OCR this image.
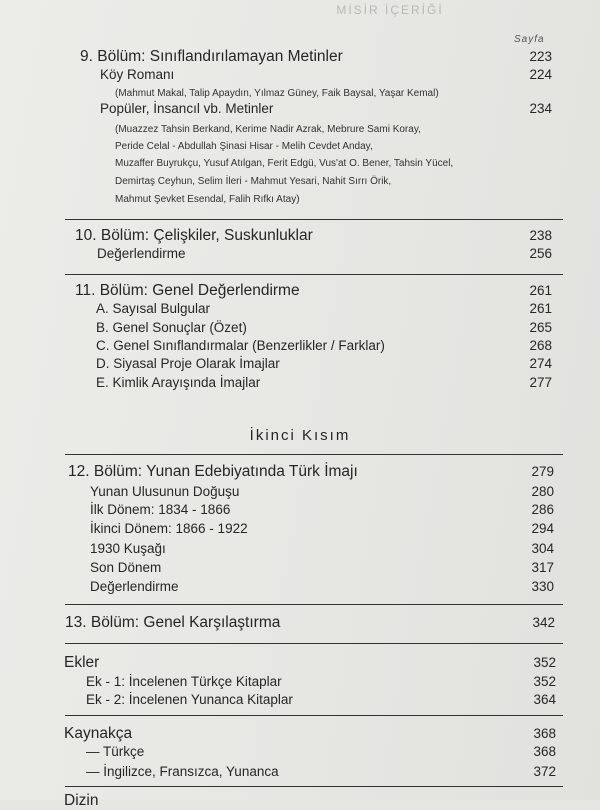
MİSİR İÇERİĞİ
Sayfa
9. Bölüm: Sınıflandırılamayan Metinler	223
Köy Romanı	224
(Mahmut Makal, Talip Apaydın, Yılmaz Güney, Faik Baysal, Yaşar Kemal)
Popüler, İnsancıl vb. Metinler	234
(Muazzez Tahsin Berkand, Kerime Nadir Azrak, Mebrure Sami Koray,
Peride Celal - Abdullah Şinasi Hisar - Melih Cevdet Anday,
Muzaffer Buyrukçu, Yusuf Atılgan, Ferit Edgü, Vus'at O. Bener, Tahsin Yücel,
Demirtaş Ceyhun, Selim İleri - Mahmut Yesari, Nahit Sırrı Örik,
Mahmut Şevket Esendal, Falih Rıfkı Atay)
10. Bölüm: Çelişkiler, Suskunluklar	238
Değerlendirme	256
11. Bölüm: Genel Değerlendirme	261
A. Sayısal Bulgular	261
B. Genel Sonuçlar (Özet)	265
C. Genel Sınıflandırmalar (Benzerlikler / Farklar)	268
D. Siyasal Proje Olarak İmajlar	274
E. Kimlik Arayışında İmajlar	277
İkinci Kısım
12. Bölüm: Yunan Edebiyatında Türk İmajı	279
Yunan Ulusunun Doğuşu	280
İlk Dönem: 1834 - 1866	286
İkinci Dönem: 1866 - 1922	294
1930 Kuşağı	304
Son Dönem	317
Değerlendirme	330
13. Bölüm: Genel Karşılaştırma	342
Ekler	352
Ek - 1: İncelenen Türkçe Kitaplar	352
Ek - 2: İncelenen Yunanca Kitaplar	364
Kaynakça	368
— Türkçe	368
— İngilizce, Fransızca, Yunanca	372
Dizin
